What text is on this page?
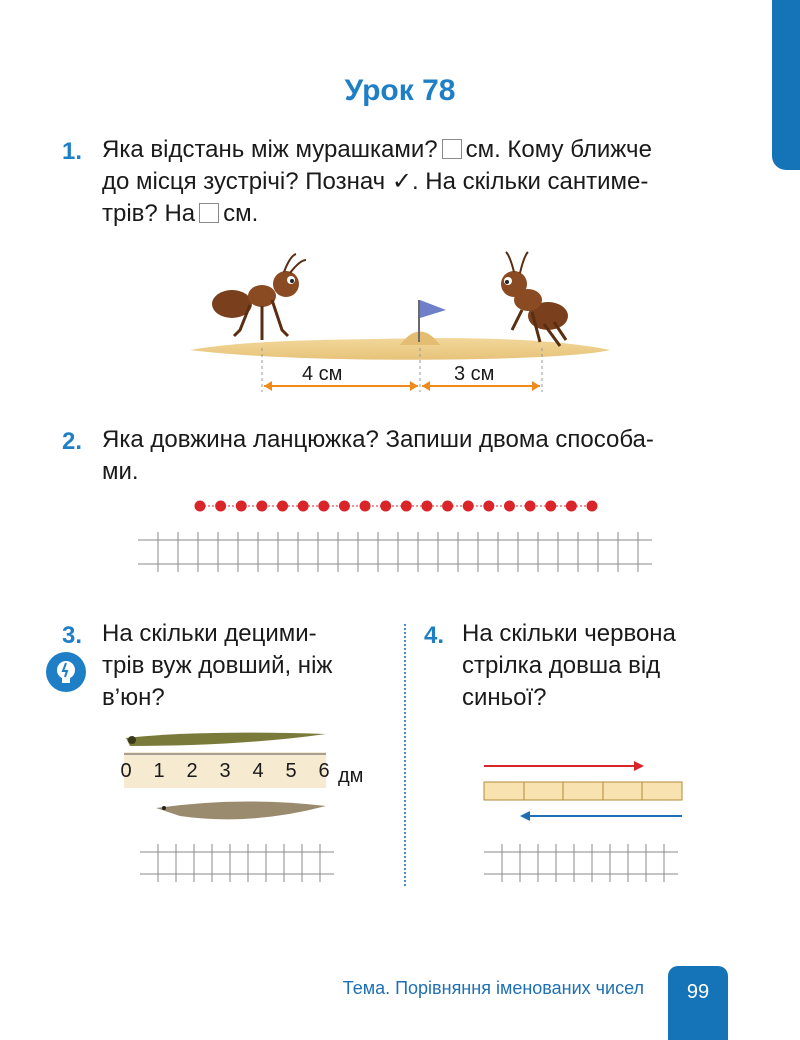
Урок 78
1. Яка відстань між мурашками? см. Кому ближче
до місця зустрічі? Познач ✓. На скільки сантиме-
трів? На см.
4 см	3 см
2. Яка довжина ланцюжка? Запиши двома способа-
ми.
3. На скільки децими-
трів вуж довший, ніж
в’юн?
0 1 2 3 4 5 6 дм
4. На скільки червона
стрілка довша від
синьої?
Тема. Порівняння іменованих чисел	99
